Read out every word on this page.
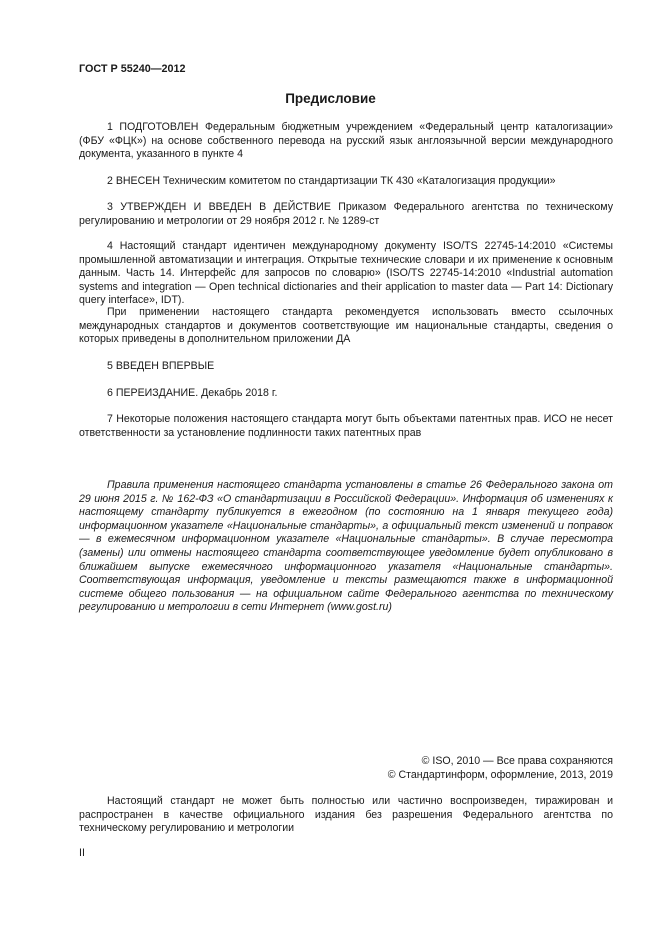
ГОСТ Р 55240—2012
Предисловие
1 ПОДГОТОВЛЕН Федеральным бюджетным учреждением «Федеральный центр каталогизации» (ФБУ «ФЦК») на основе собственного перевода на русский язык англоязычной версии международного документа, указанного в пункте 4
2 ВНЕСЕН Техническим комитетом по стандартизации ТК 430 «Каталогизация продукции»
3 УТВЕРЖДЕН И ВВЕДЕН В ДЕЙСТВИЕ Приказом Федерального агентства по техническому регулированию и метрологии от 29 ноября 2012 г. № 1289-ст
4 Настоящий стандарт идентичен международному документу ISO/TS 22745-14:2010 «Системы промышленной автоматизации и интеграция. Открытые технические словари и их применение к основным данным. Часть 14. Интерфейс для запросов по словарю» (ISO/TS 22745-14:2010 «Industrial automation systems and integration — Open technical dictionaries and their application to master data — Part 14: Dictionary query interface», IDT).
При применении настоящего стандарта рекомендуется использовать вместо ссылочных международных стандартов и документов соответствующие им национальные стандарты, сведения о которых приведены в дополнительном приложении ДА
5 ВВЕДЕН ВПЕРВЫЕ
6 ПЕРЕИЗДАНИЕ. Декабрь 2018 г.
7 Некоторые положения настоящего стандарта могут быть объектами патентных прав. ИСО не несет ответственности за установление подлинности таких патентных прав
Правила применения настоящего стандарта установлены в статье 26 Федерального закона от 29 июня 2015 г. № 162-ФЗ «О стандартизации в Российской Федерации». Информация об изменениях к настоящему стандарту публикуется в ежегодном (по состоянию на 1 января текущего года) информационном указателе «Национальные стандарты», а официальный текст изменений и поправок — в ежемесячном информационном указателе «Национальные стандарты». В случае пересмотра (замены) или отмены настоящего стандарта соответствующее уведомление будет опубликовано в ближайшем выпуске ежемесячного информационного указателя «Национальные стандарты». Соответствующая информация, уведомление и тексты размещаются также в информационной системе общего пользования — на официальном сайте Федерального агентства по техническому регулированию и метрологии в сети Интернет (www.gost.ru)
© ISO, 2010 — Все права сохраняются
© Стандартинформ, оформление, 2013, 2019
Настоящий стандарт не может быть полностью или частично воспроизведен, тиражирован и распространен в качестве официального издания без разрешения Федерального агентства по техническому регулированию и метрологии
II
